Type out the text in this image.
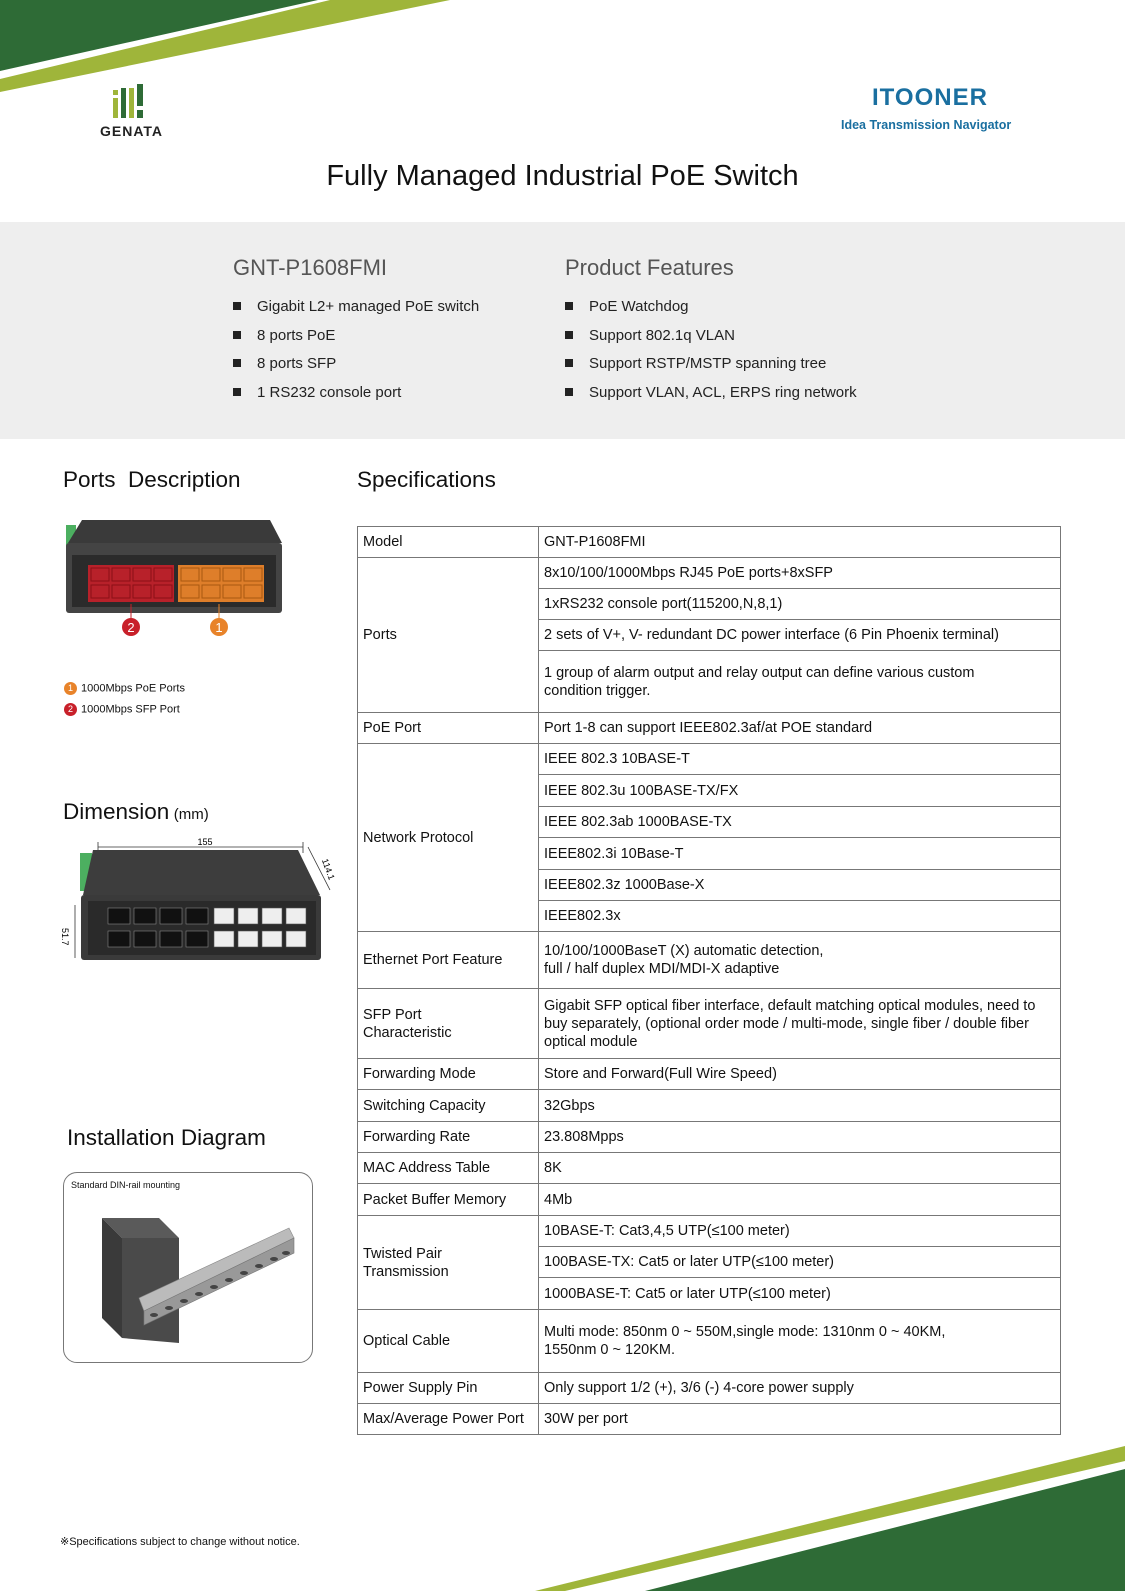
GENATA
ITOONER
Idea Transmission Navigator
Fully Managed Industrial PoE Switch
GNT-P1608FMI
Gigabit L2+ managed PoE switch
8 ports PoE
8 ports SFP
1 RS232 console port
Product Features
PoE Watchdog
Support 802.1q VLAN
Support RSTP/MSTP spanning tree
Support VLAN, ACL, ERPS ring network
Ports  Description
2	1
1 1000Mbps PoE Ports
2 1000Mbps SFP Port
Dimension (mm)
155
114.1
51.7
Installation Diagram
Standard DIN-rail mounting
Specifications
Model	GNT-P1608FMI
Ports	8x10/100/1000Mbps RJ45 PoE ports+8xSFP
	1xRS232 console port(115200,N,8,1)
	2 sets of V+, V- redundant DC power interface (6 Pin Phoenix terminal)
	1 group of alarm output and relay output can define various custom
condition trigger.
PoE Port	Port 1-8 can support IEEE802.3af/at POE standard
Network Protocol	IEEE 802.3 10BASE-T
	IEEE 802.3u 100BASE-TX/FX
	IEEE 802.3ab 1000BASE-TX
	IEEE802.3i 10Base-T
	IEEE802.3z 1000Base-X
	IEEE802.3x
Ethernet Port Feature	10/100/1000BaseT (X) automatic detection,
full / half duplex MDI/MDI-X adaptive
SFP Port
Characteristic	Gigabit SFP optical fiber interface, default matching optical modules, need to buy separately, (optional order mode / multi-mode, single fiber / double fiber optical module
Forwarding Mode	Store and Forward(Full Wire Speed)
Switching Capacity	32Gbps
Forwarding Rate	23.808Mpps
MAC Address Table	8K
Packet Buffer Memory	4Mb
Twisted Pair
Transmission	10BASE-T: Cat3,4,5 UTP(≤100 meter)
	100BASE-TX: Cat5 or later UTP(≤100 meter)
	1000BASE-T: Cat5 or later UTP(≤100 meter)
Optical Cable	Multi mode: 850nm 0 ~ 550M,single mode: 1310nm 0 ~ 40KM,
1550nm 0 ~ 120KM.
Power Supply Pin	Only support 1/2 (+), 3/6 (-) 4-core power supply
Max/Average Power Port	30W per port
※Specifications subject to change without notice.
